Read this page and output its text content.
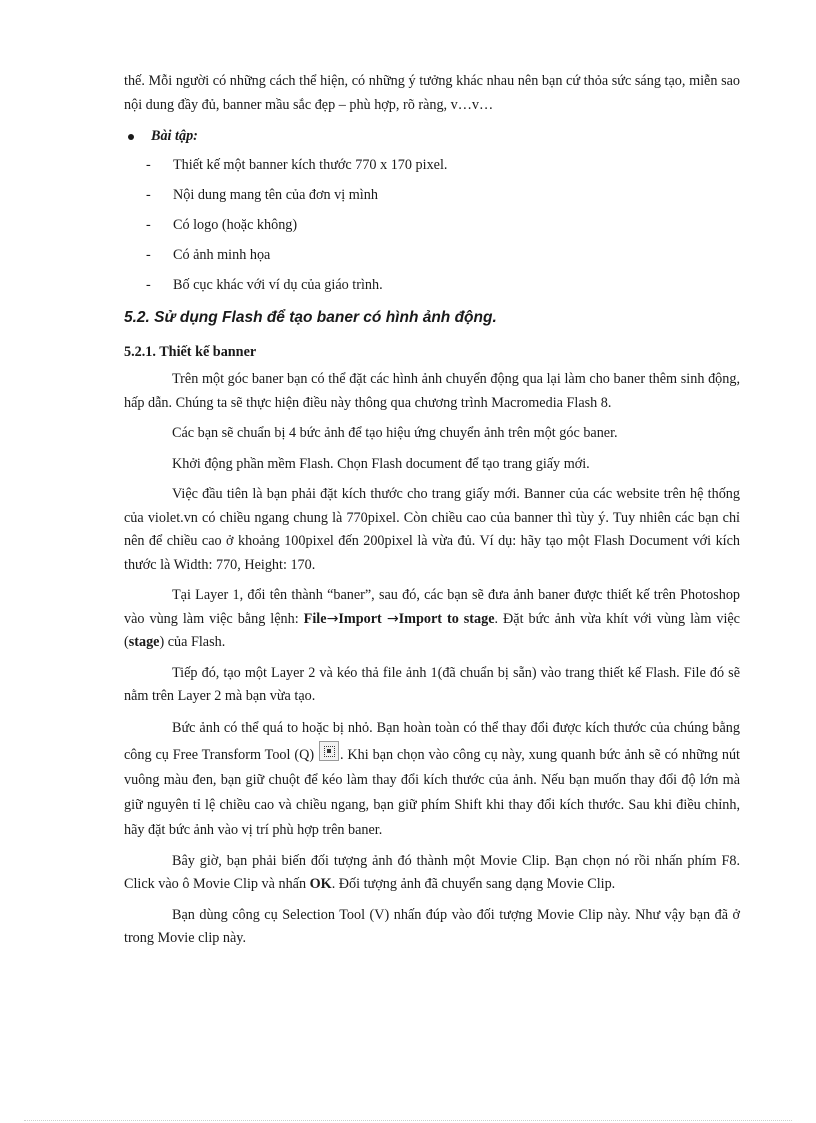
thế. Mỗi người có những cách thể hiện, có những ý tưởng khác nhau nên bạn cứ thỏa sức sáng tạo, miễn sao nội dung đầy đủ, banner mầu sắc đẹp – phù hợp, rõ ràng, v…v…

Bài tập:
-	Thiết kế một banner kích thước 770 x 170 pixel.
-	Nội dung mang tên của đơn vị mình
-	Có logo (hoặc không)
-	Có ảnh minh họa
-	Bố cục khác với ví dụ của giáo trình.
5.2. Sử dụng Flash để tạo baner có hình ảnh động.
5.2.1. Thiết kế banner

Trên một góc baner bạn có thể đặt các hình ảnh chuyển động qua lại làm cho baner thêm sinh động, hấp dẫn. Chúng ta sẽ thực hiện điều này thông qua chương trình Macromedia Flash 8.

Các bạn sẽ chuẩn bị 4 bức ảnh để tạo hiệu ứng chuyển ảnh trên một góc baner.

Khởi động phần mềm Flash. Chọn Flash document để tạo trang giấy mới.

Việc đầu tiên là bạn phải đặt kích thước cho trang giấy mới. Banner của các website trên hệ thống của violet.vn có chiều ngang chung là 770pixel. Còn chiều cao của banner thì tùy ý. Tuy nhiên các bạn chỉ nên để chiều cao ở khoảng 100pixel đến 200pixel là vừa đủ. Ví dụ: hãy tạo một Flash Document với kích thước là Width: 770, Height: 170.

Tại Layer 1, đổi tên thành “baner”, sau đó, các bạn sẽ đưa ảnh baner được thiết kế trên Photoshop vào vùng làm việc bằng lệnh: File→Import →Import to stage. Đặt bức ảnh vừa khít với vùng làm việc (stage) của Flash.

Tiếp đó, tạo một Layer 2 và kéo thả file ảnh 1(đã chuẩn bị sẵn) vào trang thiết kế Flash. File đó sẽ nằm trên Layer 2 mà bạn vừa tạo.

Bức ảnh có thể quá to hoặc bị nhỏ. Bạn hoàn toàn có thể thay đổi được kích thước của chúng bằng công cụ Free Transform Tool (Q) . Khi bạn chọn vào công cụ này, xung quanh bức ảnh sẽ có những nút vuông màu đen, bạn giữ chuột để kéo làm thay đổi kích thước của ảnh. Nếu bạn muốn thay đổi độ lớn mà giữ nguyên tỉ lệ chiều cao và chiều ngang, bạn giữ phím Shift khi thay đổi kích thước. Sau khi điều chỉnh, hãy đặt bức ảnh vào vị trí phù hợp trên baner.

Bây giờ, bạn phải biến đối tượng ảnh đó thành một Movie Clip. Bạn chọn nó rồi nhấn phím F8. Click vào ô Movie Clip và nhấn OK. Đối tượng ảnh đã chuyển sang dạng Movie Clip.

Bạn dùng công cụ Selection Tool (V) nhấn đúp vào đối tượng Movie Clip này. Như vậy bạn đã ở trong Movie clip này.
